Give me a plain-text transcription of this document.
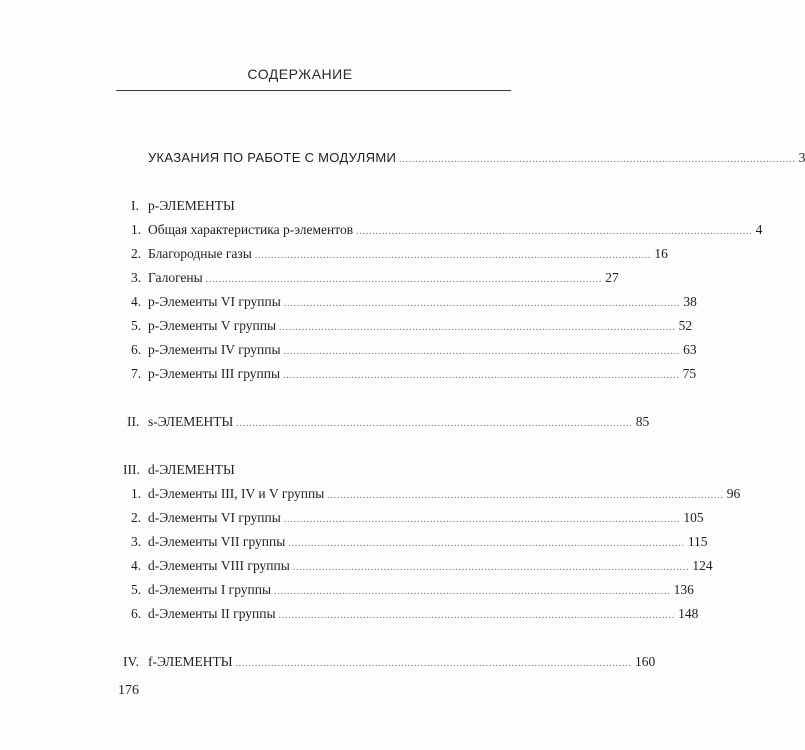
СОДЕРЖАНИЕ
УКАЗАНИЯ ПО РАБОТЕ С МОДУЛЯМИ .......................................................................................................................... 3
I. p-ЭЛЕМЕНТЫ
1. Общая характеристика p-элементов .......................................................................................................................... 4
2. Благородные газы .......................................................................................................................... 16
3. Галогены .......................................................................................................................... 27
4. p-Элементы VI группы .......................................................................................................................... 38
5. p-Элементы V группы .......................................................................................................................... 52
6. p-Элементы IV группы .......................................................................................................................... 63
7. p-Элементы III группы .......................................................................................................................... 75
II. s-ЭЛЕМЕНТЫ .......................................................................................................................... 85
III. d-ЭЛЕМЕНТЫ
1. d-Элементы III, IV и V группы .......................................................................................................................... 96
2. d-Элементы VI группы .......................................................................................................................... 105
3. d-Элементы VII группы .......................................................................................................................... 115
4. d-Элементы VIII группы .......................................................................................................................... 124
5. d-Элементы I группы .......................................................................................................................... 136
6. d-Элементы II группы .......................................................................................................................... 148
IV. f-ЭЛЕМЕНТЫ .......................................................................................................................... 160
176
